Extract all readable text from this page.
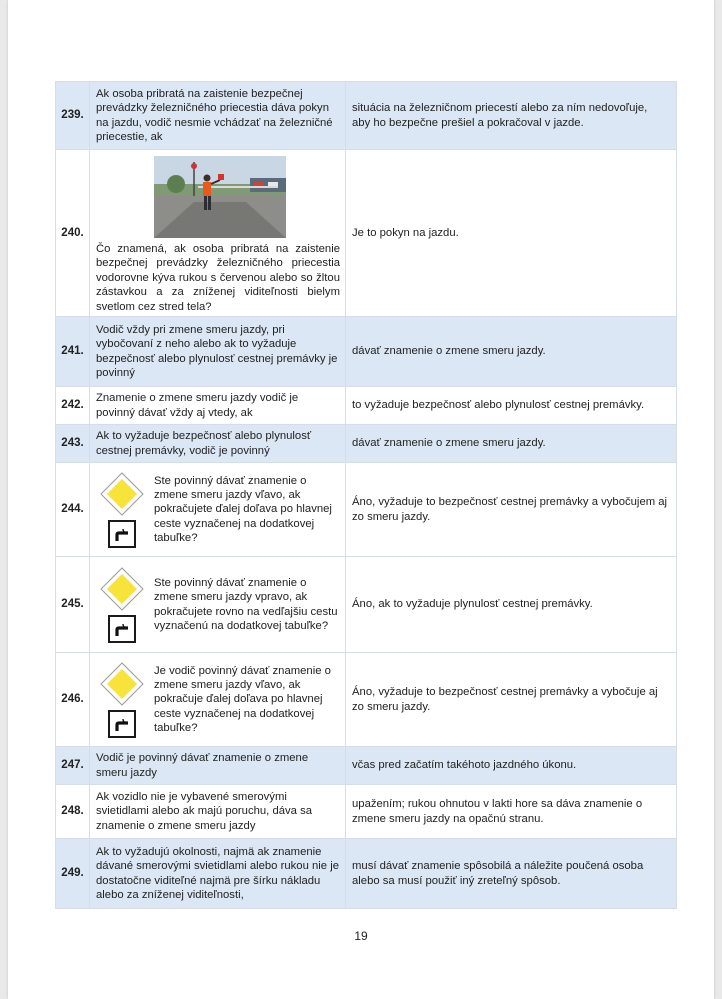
239.	Ak osoba pribratá na zaistenie bezpečnej prevádzky železničného priecestia dáva pokyn na jazdu, vodič nesmie vchádzať na železničné priecestie, ak	situácia na železničnom priecestí alebo za ním nedovoľuje, aby ho bezpečne prešiel a pokračoval v jazde.
240.	Čo znamená, ak osoba pribratá na zaistenie bezpečnej prevádzky železničného priecestia vodorovne kýva rukou s červenou alebo so žltou zástavkou a za zníženej viditeľnosti bielym svetlom cez stred tela?	Je to pokyn na jazdu.
241.	Vodič vždy pri zmene smeru jazdy, pri vybočovaní z neho alebo ak to vyžaduje bezpečnosť alebo plynulosť cestnej premávky je povinný	dávať znamenie o zmene smeru jazdy.
242.	Znamenie o zmene smeru jazdy vodič je povinný dávať vždy aj vtedy, ak	to vyžaduje bezpečnosť alebo plynulosť cestnej premávky.
243.	Ak to vyžaduje bezpečnosť alebo plynulosť cestnej premávky, vodič je povinný	dávať znamenie o zmene smeru jazdy.
244.	Ste povinný dávať znamenie o zmene smeru jazdy vľavo, ak pokračujete ďalej doľava po hlavnej ceste vyznačenej na dodatkovej tabuľke?	Áno, vyžaduje to bezpečnosť cestnej premávky a vybočujem aj zo smeru jazdy.
245.	Ste povinný dávať znamenie o zmene smeru jazdy vpravo, ak pokračujete rovno na vedľajšiu cestu vyznačenú na dodatkovej tabuľke?	Áno, ak to vyžaduje plynulosť cestnej premávky.
246.	Je vodič povinný dávať znamenie o zmene smeru jazdy vľavo, ak pokračuje ďalej doľava po hlavnej ceste vyznačenej na dodatkovej tabuľke?	Áno, vyžaduje to bezpečnosť cestnej premávky a vybočuje aj zo smeru jazdy.
247.	Vodič je povinný dávať znamenie o zmene smeru jazdy	včas pred začatím takéhoto jazdného úkonu.
248.	Ak vozidlo nie je vybavené smerovými svietidlami alebo ak majú poruchu, dáva sa znamenie o zmene smeru jazdy	upažením; rukou ohnutou v lakti hore sa dáva znamenie o zmene smeru jazdy na opačnú stranu.
249.	Ak to vyžadujú okolnosti, najmä ak znamenie dávané smerovými svietidlami alebo rukou nie je dostatočne viditeľné najmä pre šírku nákladu alebo za zníženej viditeľnosti,	musí dávať znamenie spôsobilá a náležite poučená osoba alebo sa musí použiť iný zreteľný spôsob.
19
